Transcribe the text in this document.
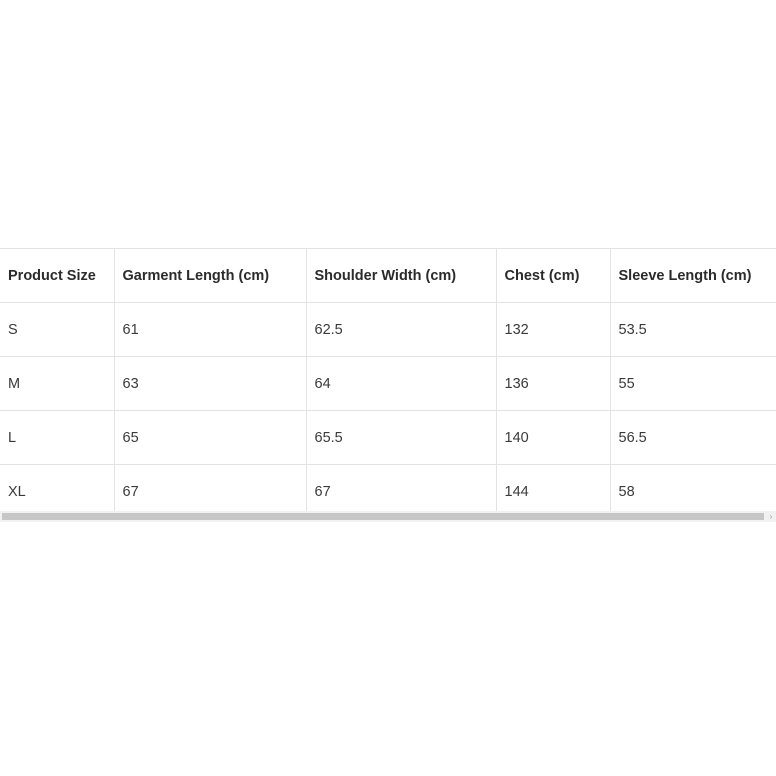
Product Size	Garment Length (cm)	Shoulder Width (cm)	Chest (cm)	Sleeve Length (cm)
S	61	62.5	132	53.5
M	63	64	136	55
L	65	65.5	140	56.5
XL	67	67	144	58
›
